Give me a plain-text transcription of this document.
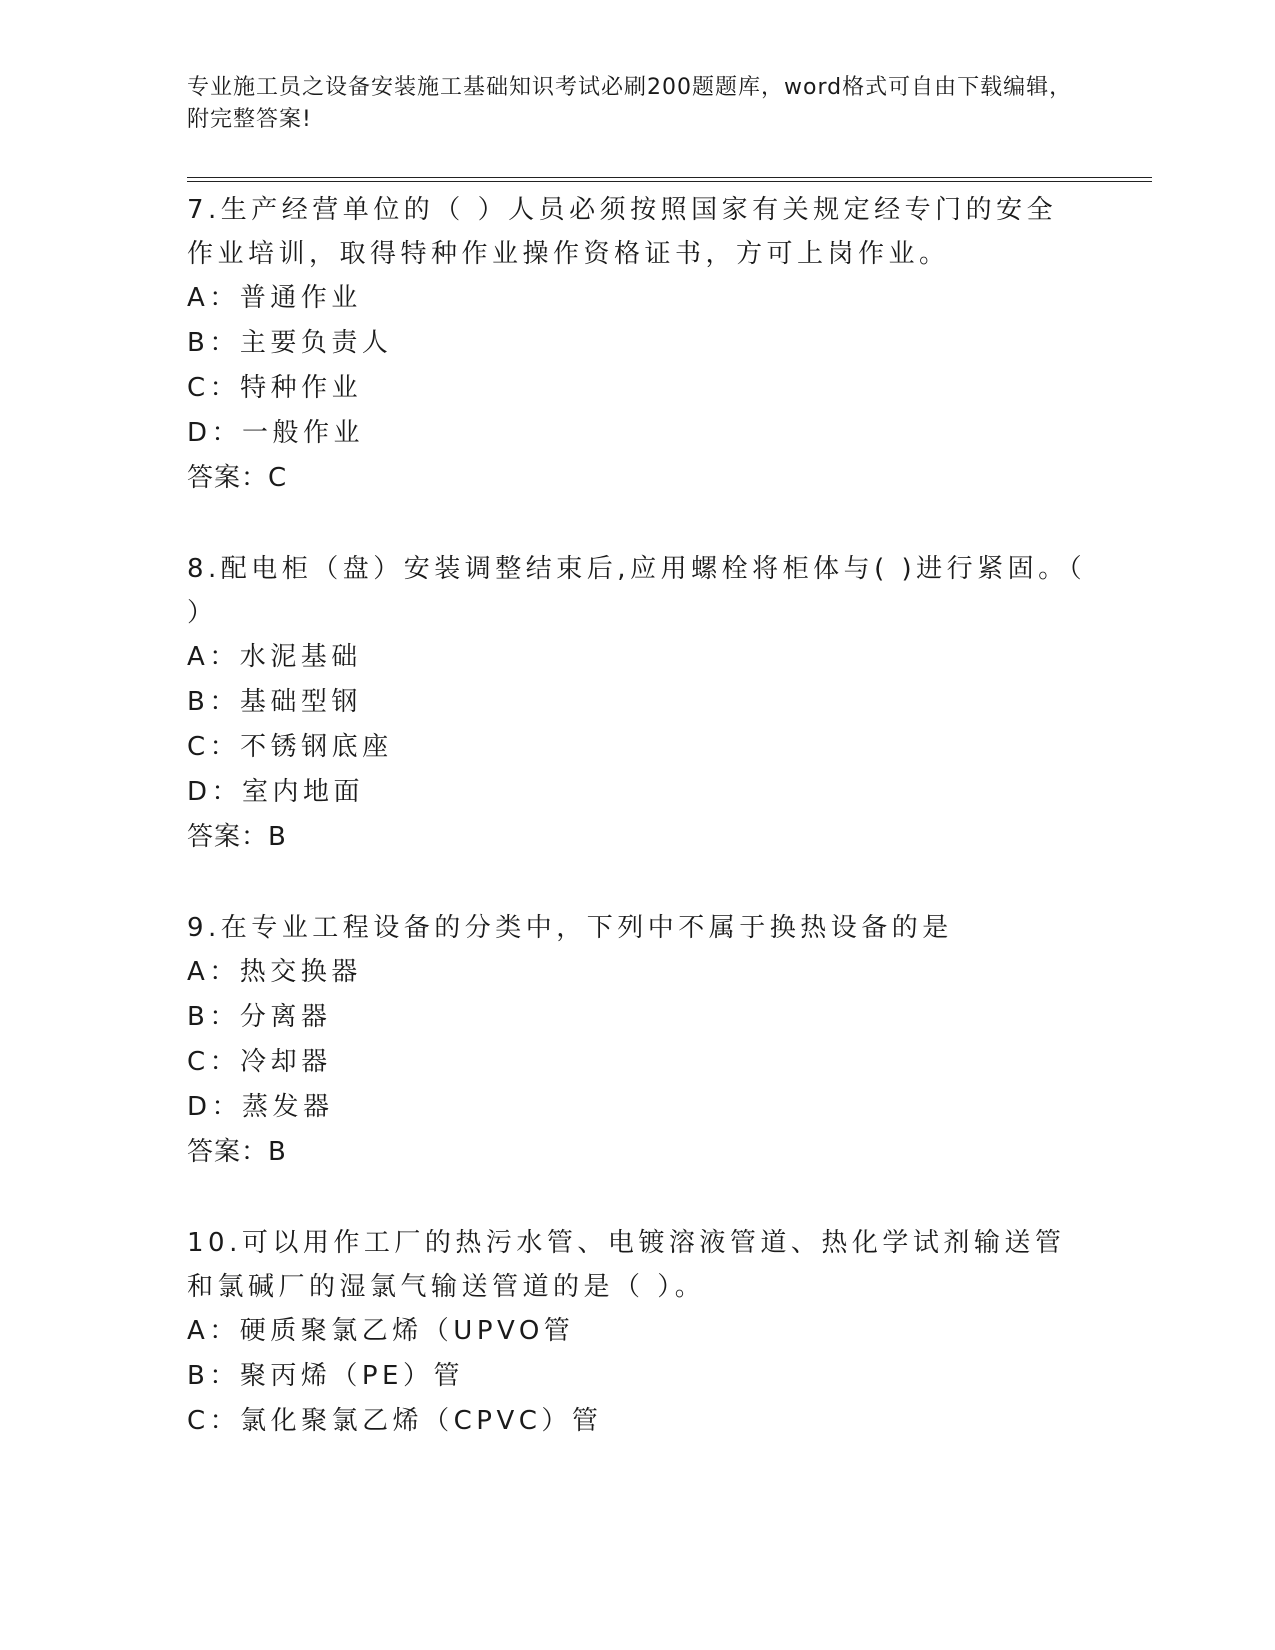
专业施工员之设备安装施工基础知识考试必刷200题题库，word格式可自由下载编辑，附完整答案!

7.生产经营单位的（ ）人员必须按照国家有关规定经专门的安全作业培训，取得特种作业操作资格证书，方可上岗作业。

A：普通作业

B：主要负责人

C：特种作业

D：一般作业

答案：C

8.配电柜（盘）安装调整结束后,应用螺栓将柜体与( )进行紧固。（ ）

A：水泥基础

B：基础型钢

C：不锈钢底座

D：室内地面

答案：B

9.在专业工程设备的分类中，下列中不属于换热设备的是

A：热交换器

B：分离器

C：冷却器

D：蒸发器

答案：B

10.可以用作工厂的热污水管、电镀溶液管道、热化学试剂输送管和氯碱厂的湿氯气输送管道的是（ ）。

A：硬质聚氯乙烯（UPVO管

B：聚丙烯（PE）管

C：氯化聚氯乙烯（CPVC）管
